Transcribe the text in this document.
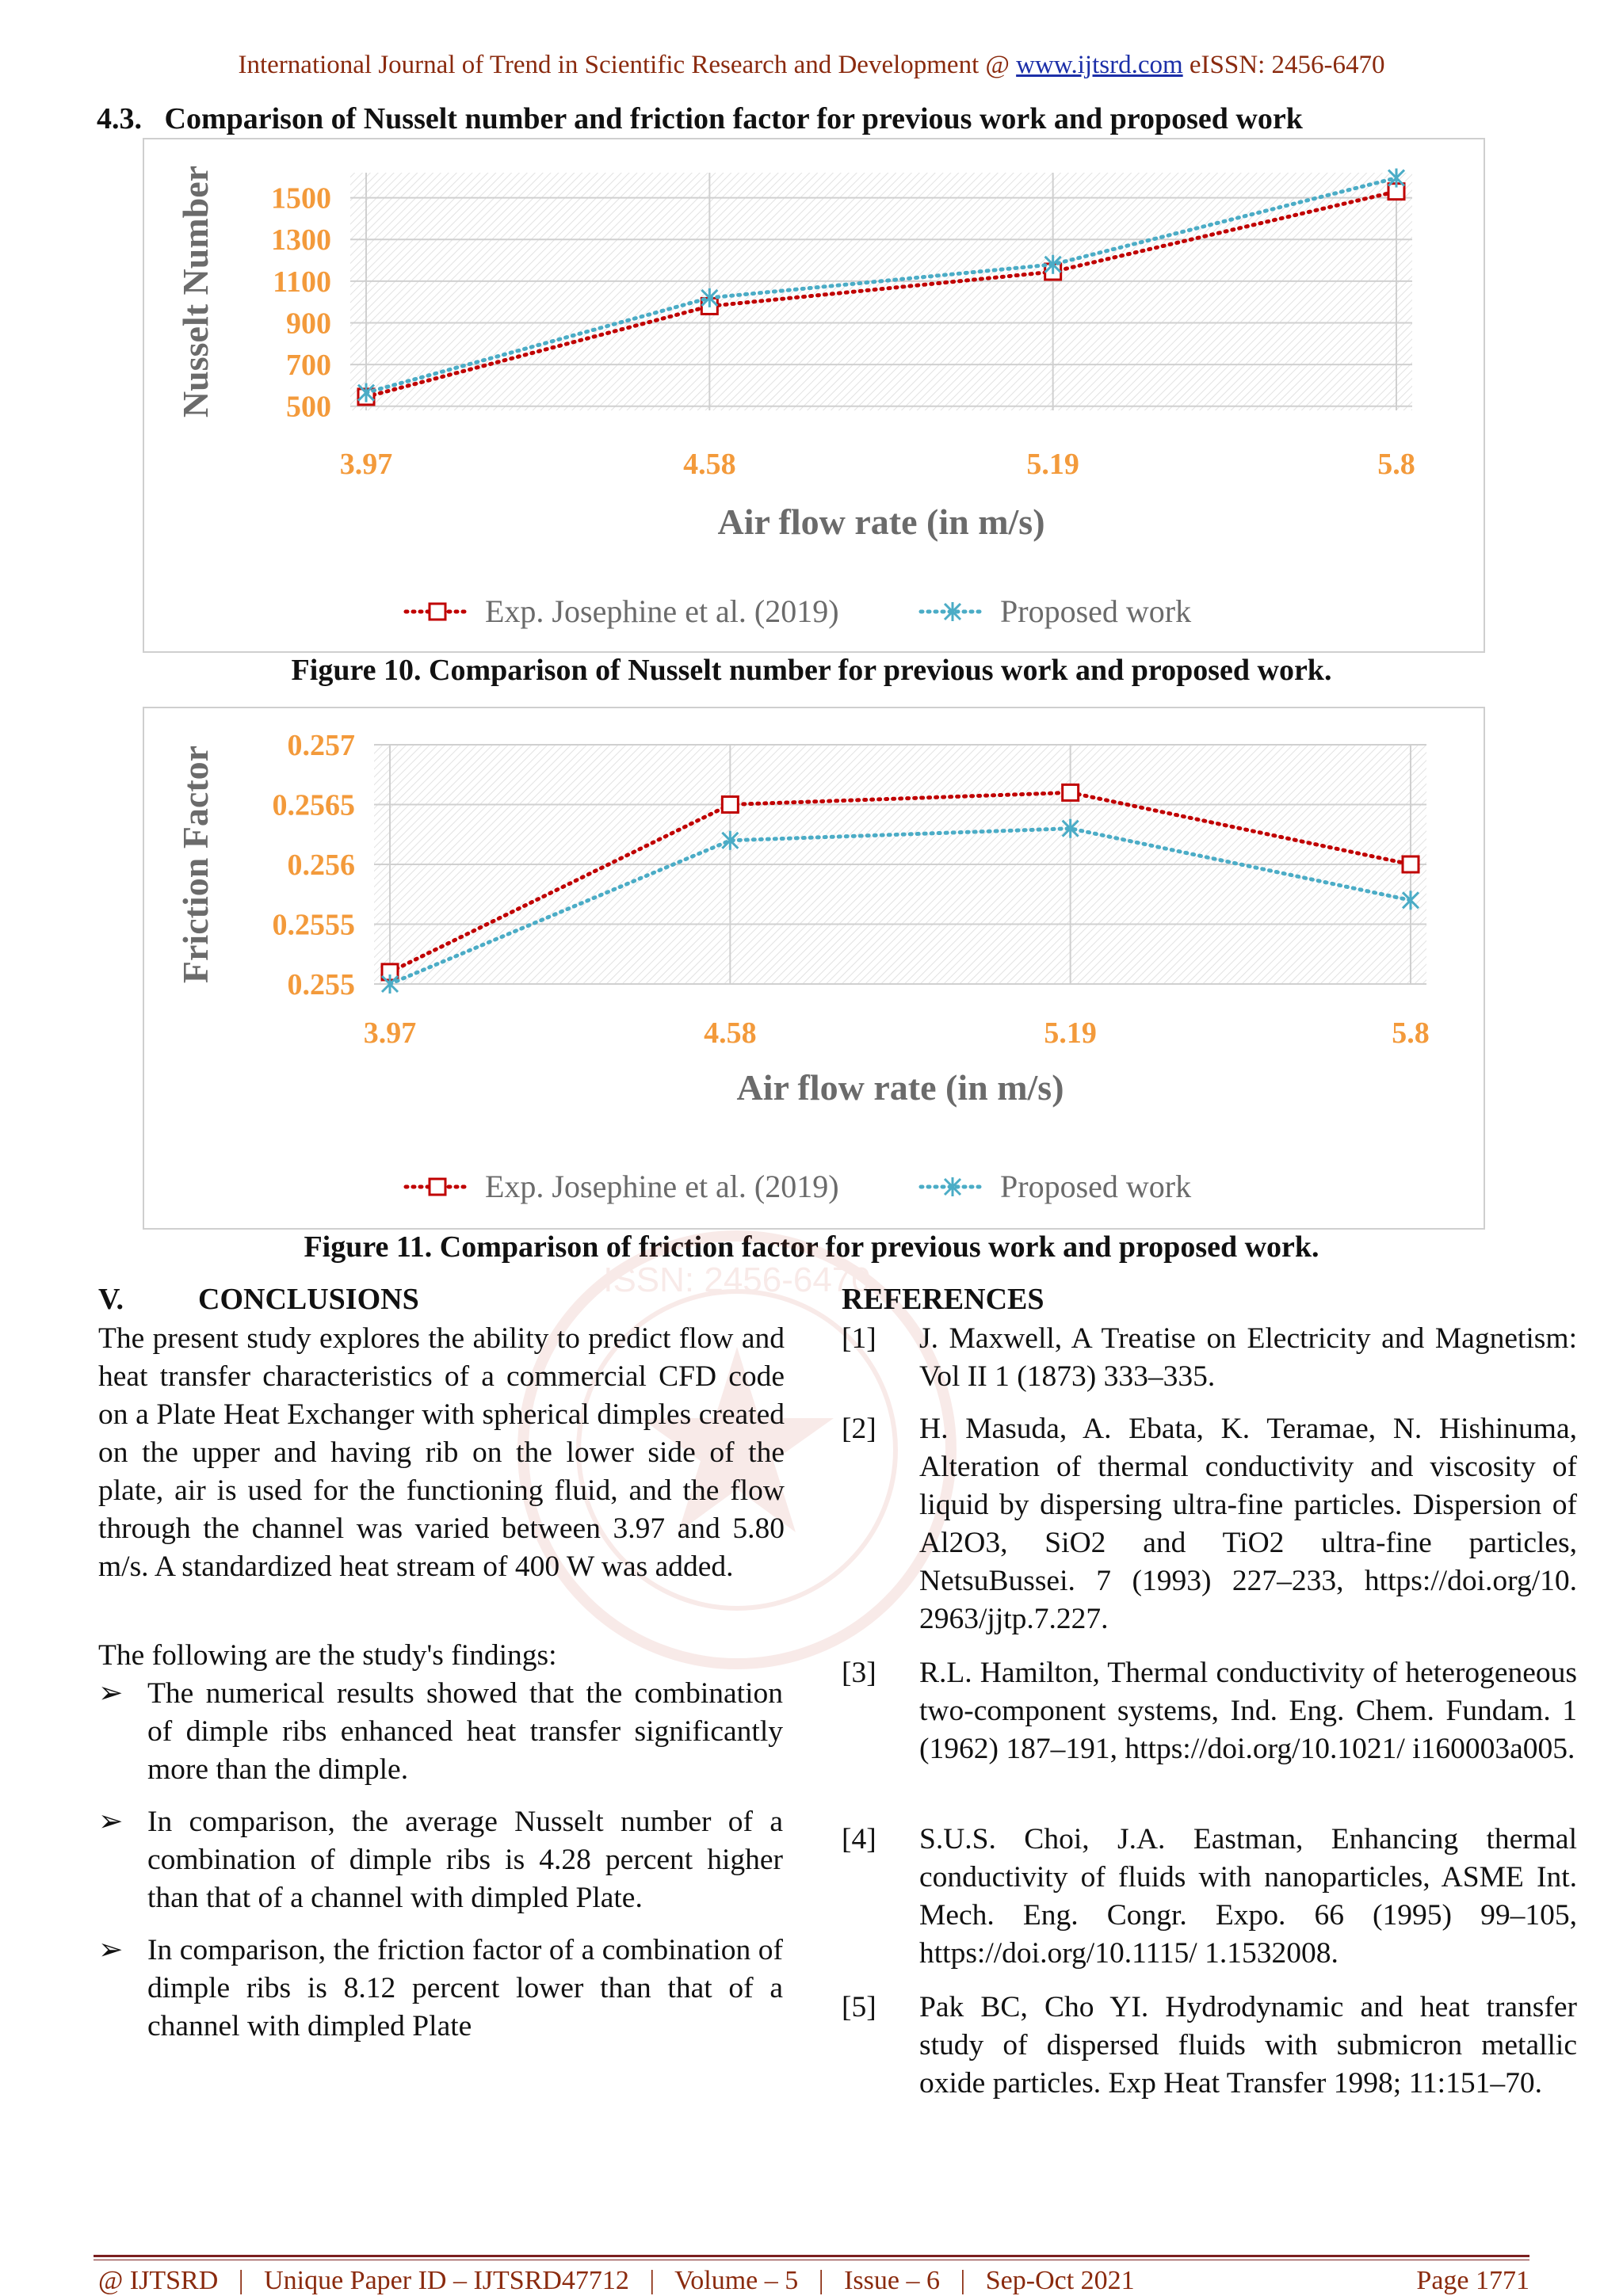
International Journal of Trend in Scientific Research and Development @ www.ijtsrd.com eISSN: 2456-6470
4.3.   Comparison of Nusselt number and friction factor for previous work and proposed work
500
700
900
1100
1300
1500
3.97	4.58	5.19	5.8
Air flow rate (in m/s)
Nusselt Number
Exp. Josephine et al. (2019)	Proposed work
Figure 10. Comparison of Nusselt number for previous work and proposed work.
0.255
0.2555
0.256
0.2565
0.257
3.97	4.58	5.19	5.8
Air flow rate (in m/s)
Friction Factor
Exp. Josephine et al. (2019)	Proposed work
Figure 11. Comparison of friction factor for previous work and proposed work.
ISSN: 2456-6470
V. CONCLUSIONS
The present study explores the ability to predict flow and heat transfer characteristics of a commercial CFD code on a Plate Heat Exchanger with spherical dimples created on the upper and having rib on the lower side of the plate, air is used for the functioning fluid, and the flow through the channel was varied between 3.97 and 5.80 m/s. A standardized heat stream of 400 W was added.
The following are the study's findings:
➢ The numerical results showed that the combination of dimple ribs enhanced heat transfer significantly more than the dimple.
➢ In comparison, the average Nusselt number of a combination of dimple ribs is 4.28 percent higher than that of a channel with dimpled Plate.
➢ In comparison, the friction factor of a combination of dimple ribs is 8.12 percent lower than that of a channel with dimpled Plate
REFERENCES
[1] J. Maxwell, A Treatise on Electricity and Magnetism: Vol II 1 (1873) 333–335.
[2] H. Masuda, A. Ebata, K. Teramae, N. Hishinuma, Alteration of thermal conductivity and viscosity of liquid by dispersing ultra-fine particles. Dispersion of Al2O3, SiO2 and TiO2 ultra-fine particles, NetsuBussei. 7 (1993) 227–233, https://doi.org/10. 2963/jjtp.7.227.
[3] R.L. Hamilton, Thermal conductivity of heterogeneous two-component systems, Ind. Eng. Chem. Fundam. 1 (1962) 187–191, https://doi.org/10.1021/ i160003a005.
[4] S.U.S. Choi, J.A. Eastman, Enhancing thermal conductivity of fluids with nanoparticles, ASME Int. Mech. Eng. Congr. Expo. 66 (1995) 99–105, https://doi.org/10.1115/ 1.1532008.
[5] Pak BC, Cho YI. Hydrodynamic and heat transfer study of dispersed fluids with submicron metallic oxide particles. Exp Heat Transfer 1998; 11:151–70.
@ IJTSRD   |   Unique Paper ID – IJTSRD47712   |   Volume – 5   |   Issue – 6   |   Sep-Oct 2021	Page 1771
